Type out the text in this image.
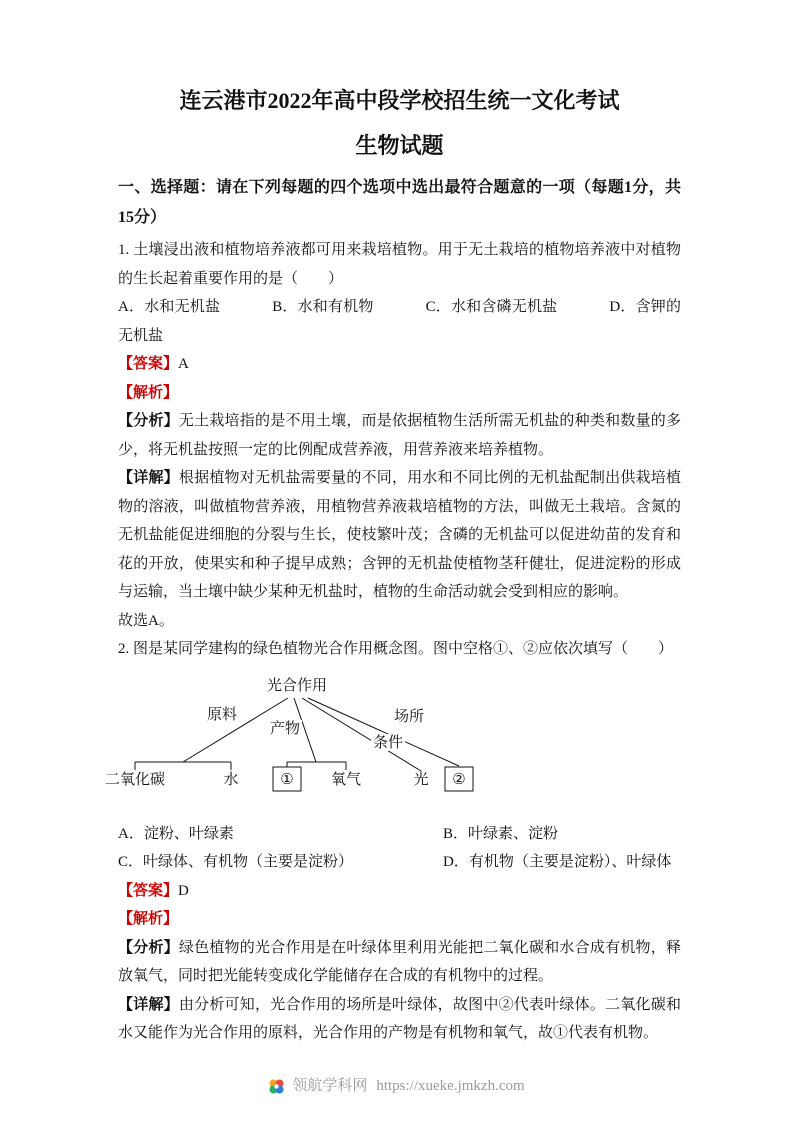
连云港市2022年高中段学校招生统一文化考试
生物试题

一、选择题：请在下列每题的四个选项中选出最符合题意的一项（每题1分，共15分）

1. 土壤浸出液和植物培养液都可用来栽培植物。用于无土栽培的植物培养液中对植物的生长起着重要作用的是（　　）

A．水和无机盐	B．水和有机物	C．水和含磷无机盐	D．含钾的无机盐

【答案】A

【解析】

【分析】无土栽培指的是不用土壤，而是依据植物生活所需无机盐的种类和数量的多少，将无机盐按照一定的比例配成营养液，用营养液来培养植物。

【详解】根据植物对无机盐需要量的不同，用水和不同比例的无机盐配制出供栽培植物的溶液，叫做植物营养液，用植物营养液栽培植物的方法，叫做无土栽培。含氮的无机盐能促进细胞的分裂与生长，使枝繁叶茂；含磷的无机盐可以促进幼苗的发育和花的开放，使果实和种子提早成熟；含钾的无机盐使植物茎秆健壮，促进淀粉的形成与运输，当土壤中缺少某种无机盐时，植物的生命活动就会受到相应的影响。

故选A。

2. 图是某同学建构的绿色植物光合作用概念图。图中空格①、②应依次填写（　　）

光合作用
原料
产物
场所
条件
二氧化碳	水	① 氧气	光 ②
A．淀粉、叶绿素	B．叶绿素、淀粉
C．叶绿体、有机物（主要是淀粉）	D．有机物（主要是淀粉）、叶绿体

【答案】D

【解析】

【分析】绿色植物的光合作用是在叶绿体里利用光能把二氧化碳和水合成有机物，释放氧气，同时把光能转变成化学能储存在合成的有机物中的过程。

【详解】由分析可知，光合作用的场所是叶绿体，故图中②代表叶绿体。二氧化碳和水又能作为光合作用的原料，光合作用的产物是有机物和氧气，故①代表有机物。

领航学科网 https://xueke.jmkzh.com
